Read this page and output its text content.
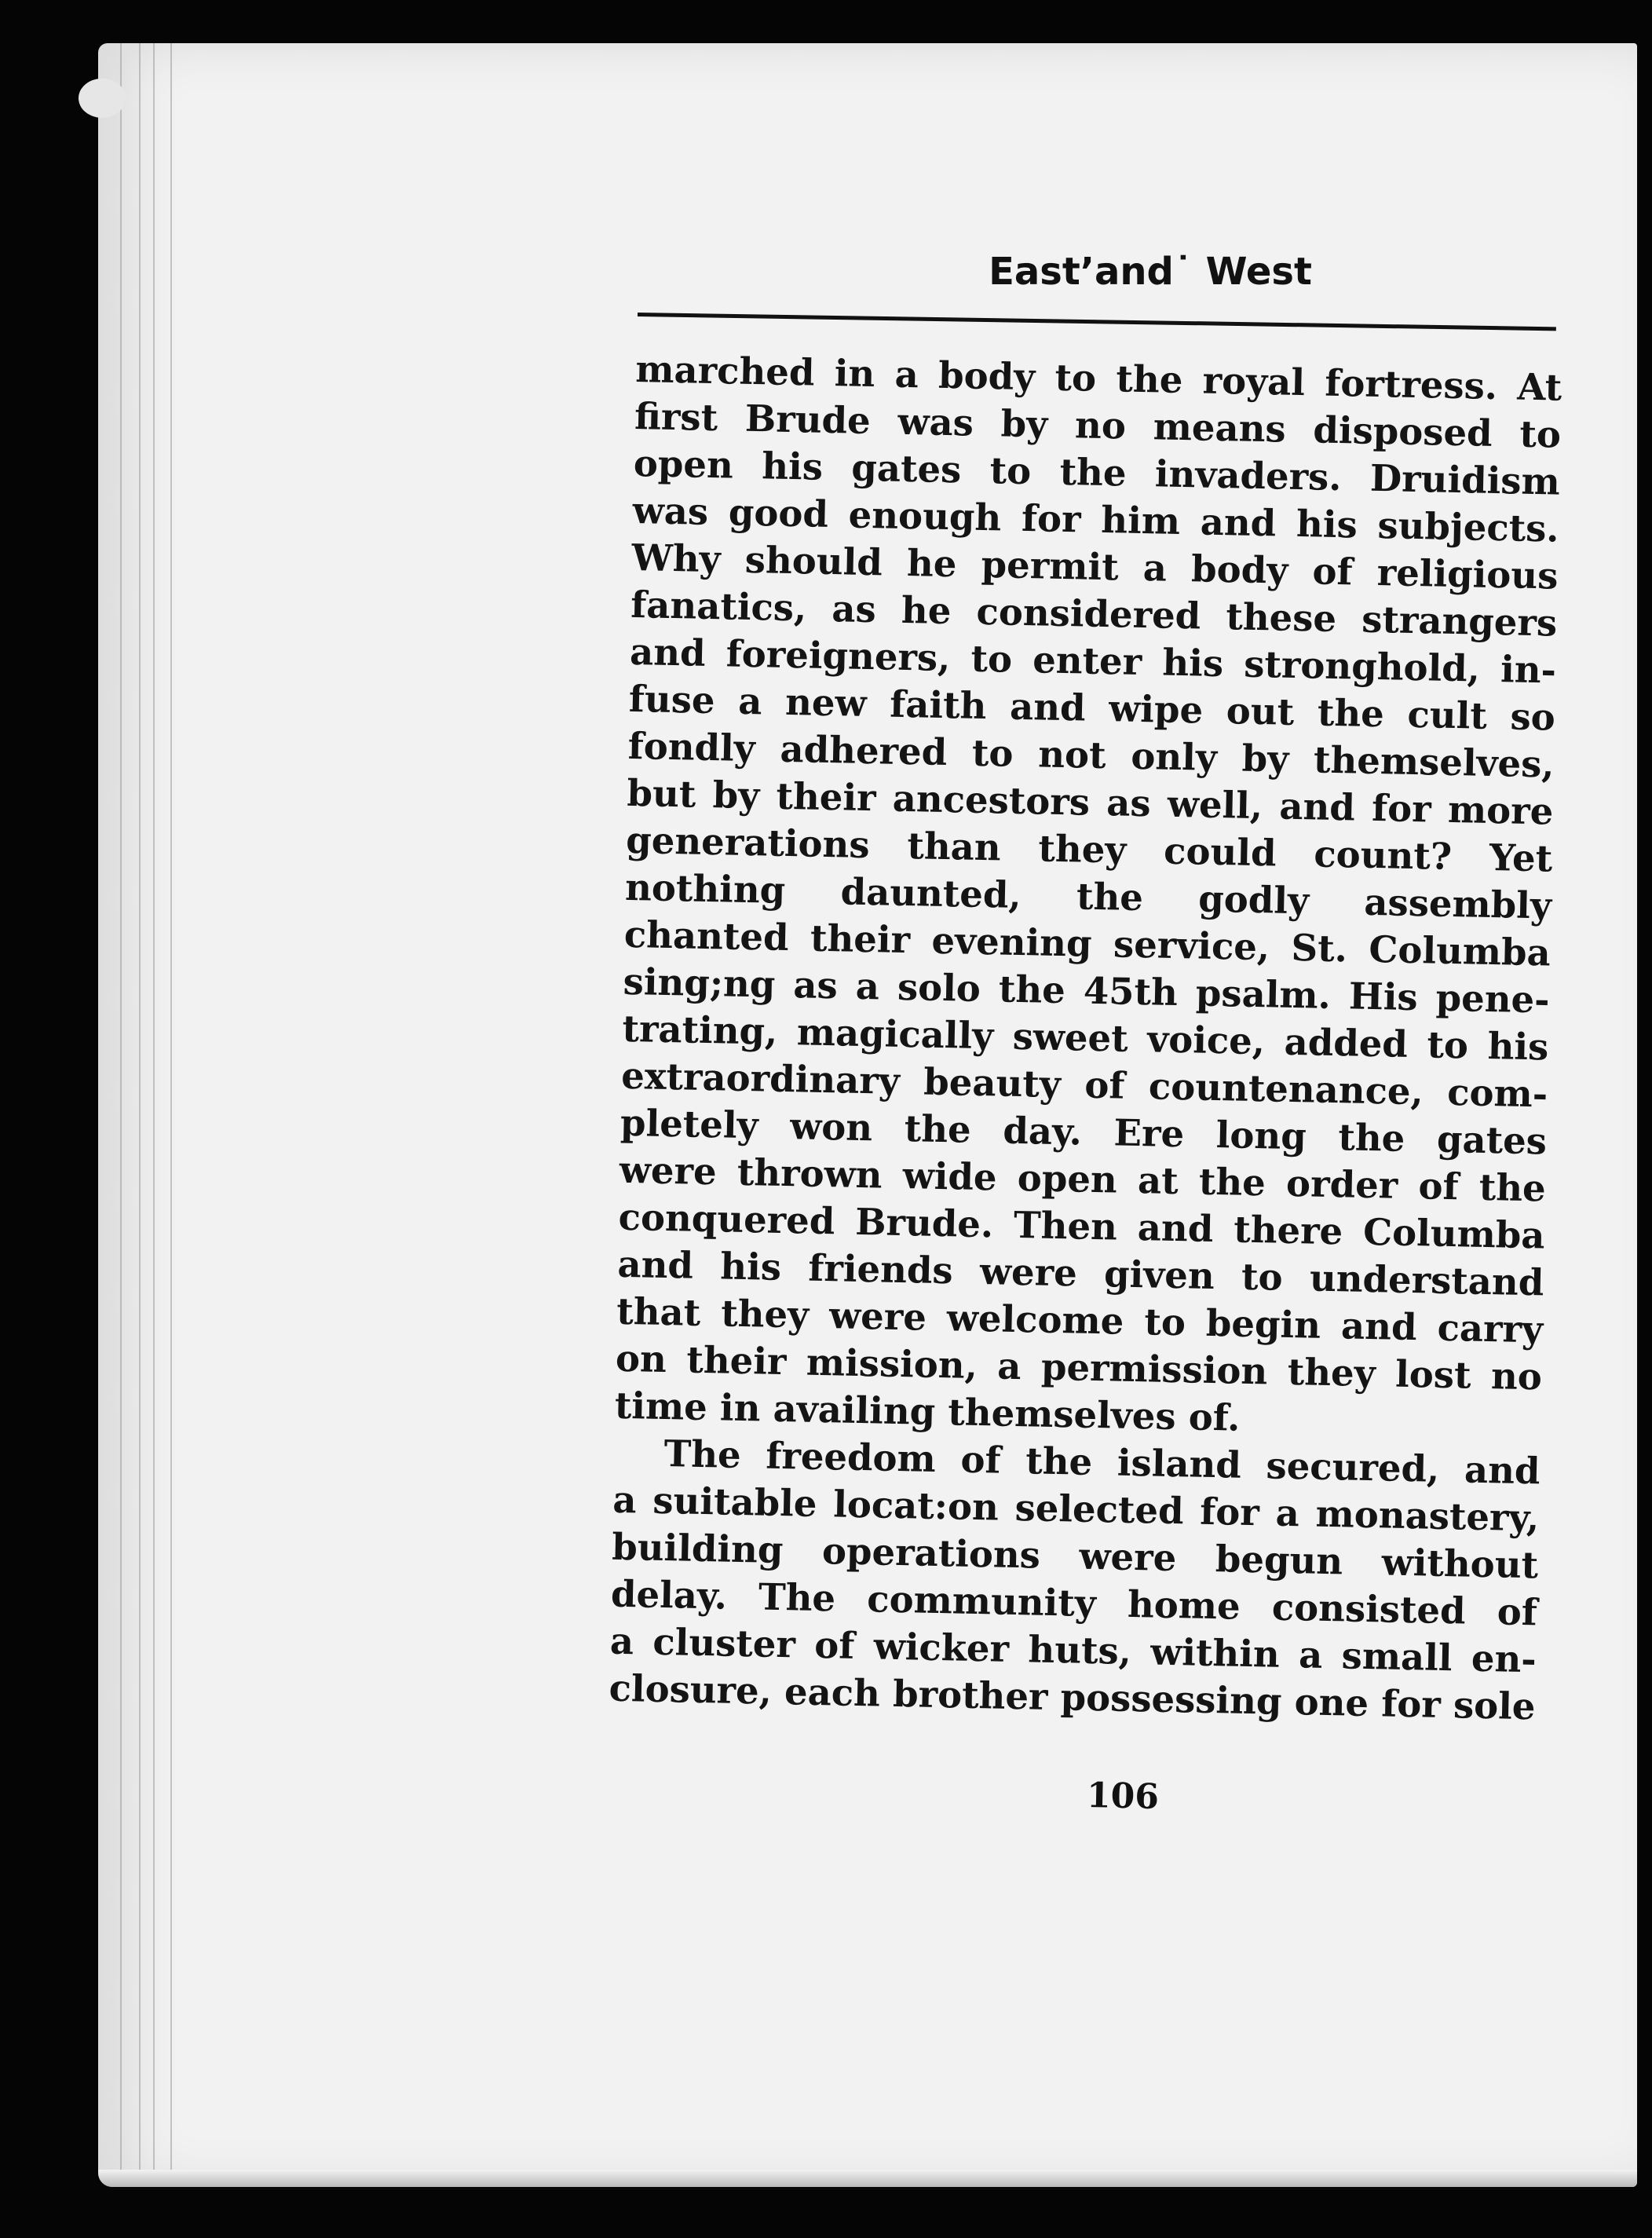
Eastʼand˙ West
marched in a body to the royal fortress. At
first Brude was by no means disposed to
open his gates to the invaders. Druidism
was good enough for him and his subjects.
Why should he permit a body of religious
fanatics, as he considered these strangers
and foreigners, to enter his stronghold, in-
fuse a new faith and wipe out the cult so
fondly adhered to not only by themselves,
but by their ancestors as well, and for more
generations than they could count? Yet
nothing daunted, the godly assembly
chanted their evening service, St. Columba
sing;ng as a solo the 45th psalm. His pene-
trating, magically sweet voice, added to his
extraordinary beauty of countenance, com-
pletely won the day. Ere long the gates
were thrown wide open at the order of the
conquered Brude. Then and there Columba
and his friends were given to understand
that they were welcome to begin and carry
on their mission, a permission they lost no
time in availing themselves of.
The freedom of the island secured, and
a suitable locat:on selected for a monastery,
building operations were begun without
delay. The community home consisted of
a cluster of wicker huts, within a small en-
closure, each brother possessing one for sole
106
